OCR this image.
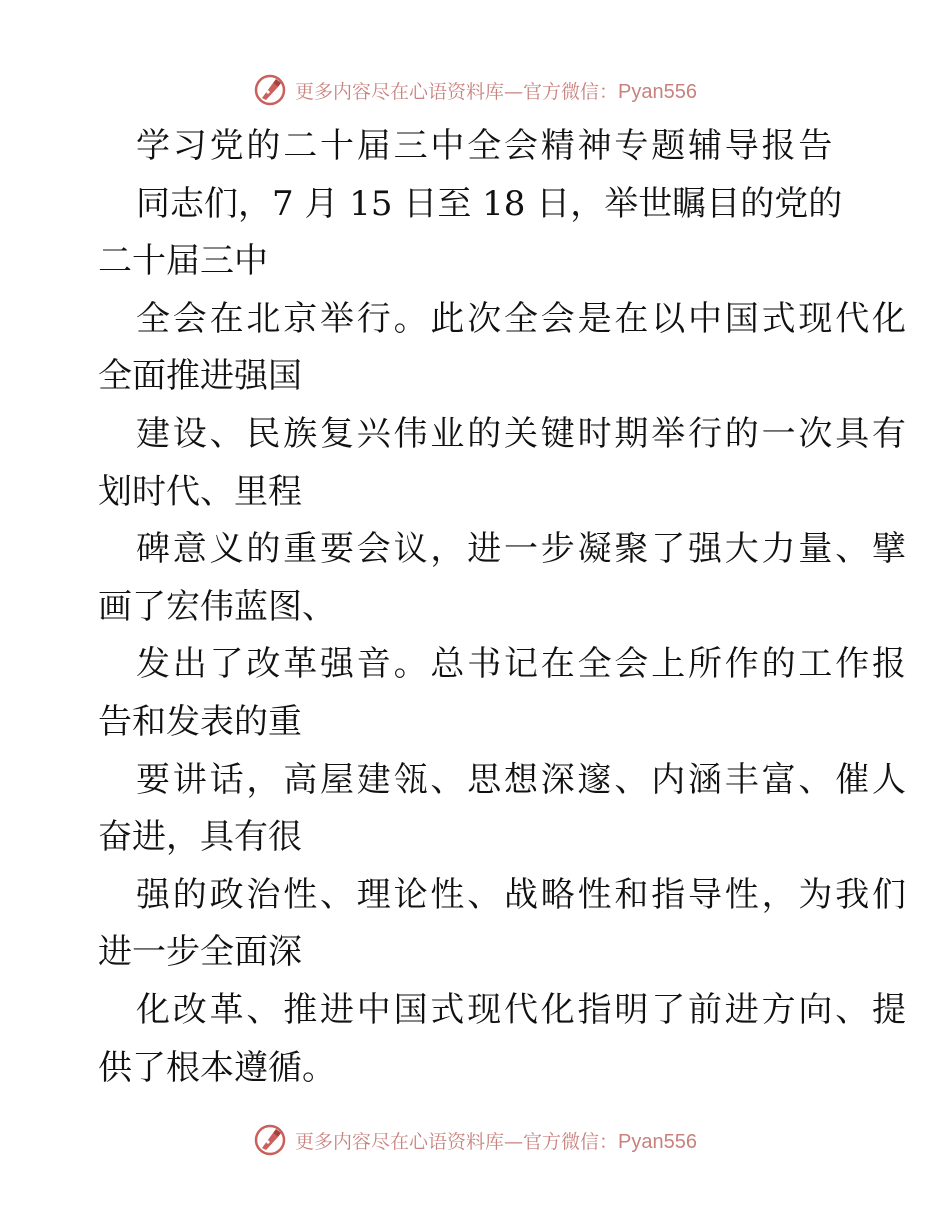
更多内容尽在心语资料库—官方微信：Pyan556

学习党的二十届三中全会精神专题辅导报告

同志们，7 月 15 日至 18 日，举世瞩目的党的

二十届三中

全会在北京举行。此次全会是在以中国式现代化

全面推进强国

建设、民族复兴伟业的关键时期举行的一次具有

划时代、里程

碑意义的重要会议，进一步凝聚了强大力量、擘

画了宏伟蓝图、

发出了改革强音。总书记在全会上所作的工作报

告和发表的重

要讲话，高屋建瓴、思想深邃、内涵丰富、催人

奋进，具有很

强的政治性、理论性、战略性和指导性，为我们

进一步全面深

化改革、推进中国式现代化指明了前进方向、提

供了根本遵循。

更多内容尽在心语资料库—官方微信：Pyan556
